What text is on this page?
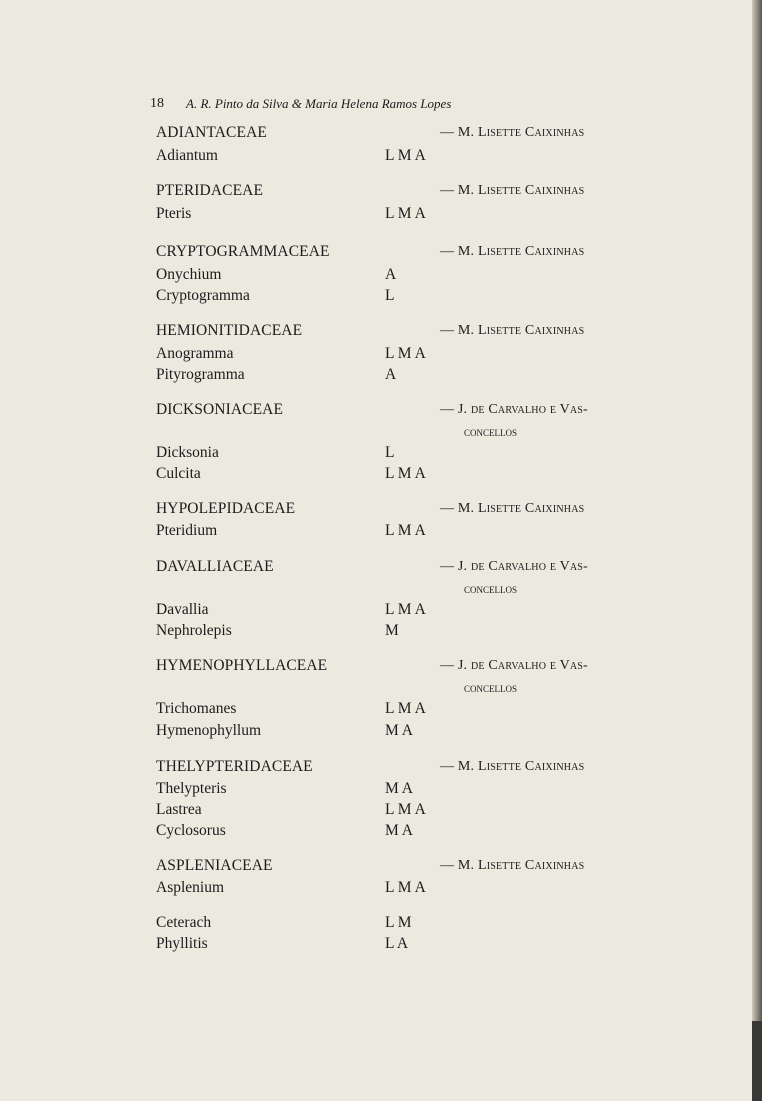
18 A. R. Pinto da Silva & Maria Helena Ramos Lopes
ADIANTACEAE	— M. Lisette Caixinhas
Adiantum	L M A
PTERIDACEAE	— M. Lisette Caixinhas
Pteris	L M A
CRYPTOGRAMMACEAE	— M. Lisette Caixinhas
Onychium	A
Cryptogramma	L
HEMIONITIDACEAE	— M. Lisette Caixinhas
Anogramma	L M A
Pityrogramma	A
DICKSONIACEAE	— J. de Carvalho e Vas-
concellos
Dicksonia	L
Culcita	L M A
HYPOLEPIDACEAE	— M. Lisette Caixinhas
Pteridium	L M A
DAVALLIACEAE	— J. de Carvalho e Vas-
concellos
Davallia	L M A
Nephrolepis	M
HYMENOPHYLLACEAE	— J. de Carvalho e Vas-
concellos
Trichomanes	L M A
Hymenophyllum	M A
THELYPTERIDACEAE	— M. Lisette Caixinhas
Thelypteris	M A
Lastrea	L M A
Cyclosorus	M A
ASPLENIACEAE	— M. Lisette Caixinhas
Asplenium	L M A
Ceterach	L M
Phyllitis	L A
